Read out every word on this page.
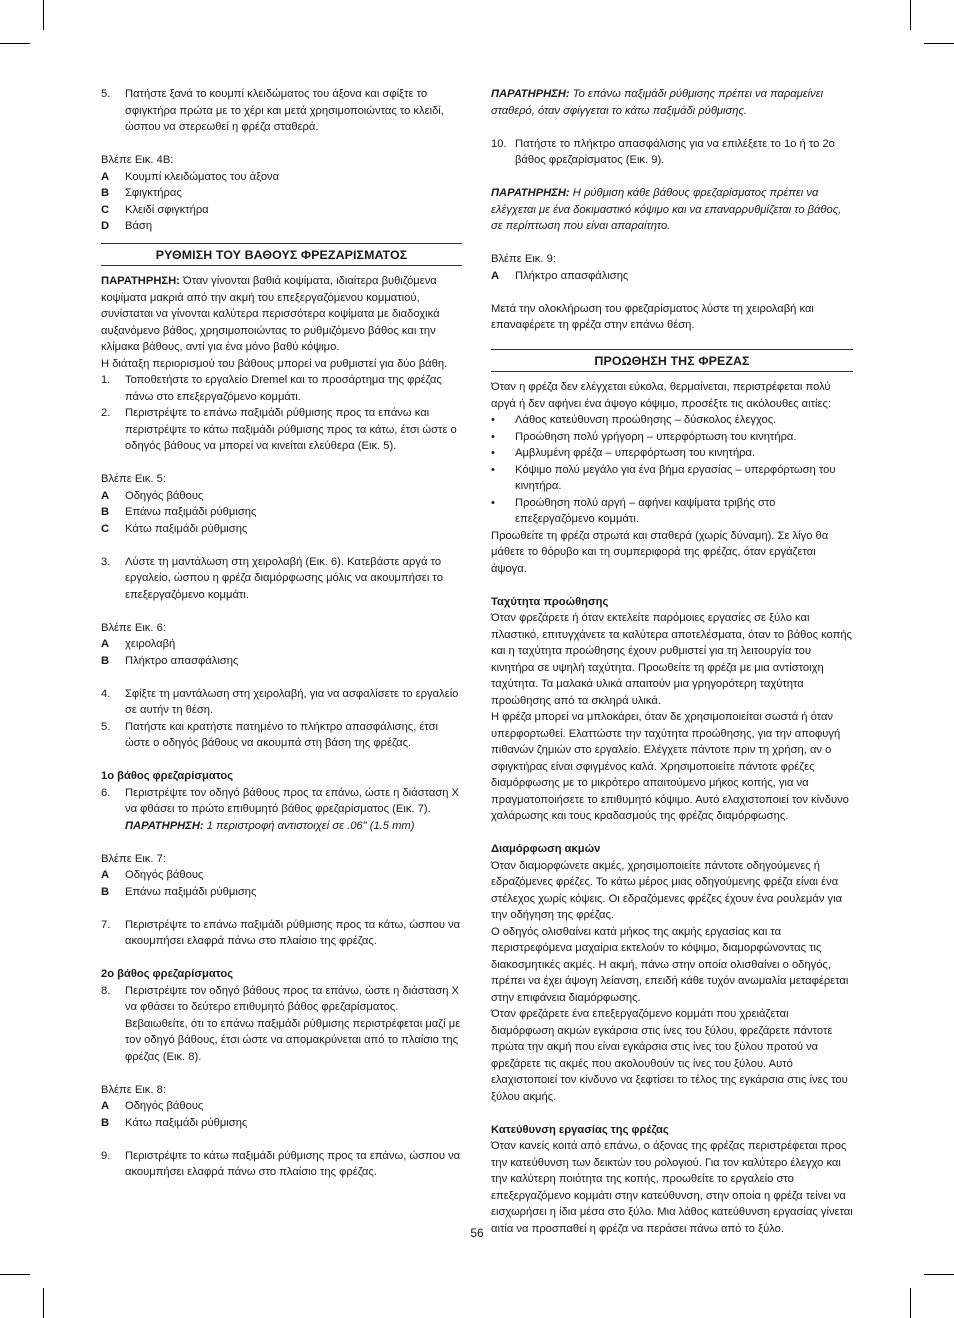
5.	Πατήστε ξανά το κουμπί κλειδώματος του άξονα και σφίξτε το σφιγκτήρα πρώτα με το χέρι και μετά χρησιμοποιώντας το κλειδί, ώσπου να στερεωθεί η φρέζα σταθερά.

Βλέπε Εικ. 4B:

A	Κουμπί κλειδώματος του άξονα
B	Σφιγκτήρας
C	Κλειδί σφιγκτήρα
D	Βάση
ΡΥΘΜΙΣΗ ΤΟΥ ΒΑΘΟΥΣ ΦΡΕΖΑΡΙΣΜΑΤΟΣ

ΠΑΡΑΤΗΡΗΣΗ: Όταν γίνονται βαθιά κοψίματα, ιδιαίτερα βυθιζόμενα κοψίματα μακριά από την ακμή του επεξεργαζόμενου κομματιού, συνίσταται να γίνονται καλύτερα περισσότερα κοψίματα με διαδοχικά αυξανόμενο βάθος, χρησιμοποιώντας το ρυθμιζόμενο βάθος και την κλίμακα βάθους, αντί για ένα μόνο βαθύ κόψιμο.

Η διάταξη περιορισμού του βάθους μπορεί να ρυθμιστεί για δύο βάθη.

1.	Τοποθετήστε το εργαλείο Dremel και το προσάρτημα της φρέζας πάνω στο επεξεργαζόμενο κομμάτι.
2.	Περιστρέψτε το επάνω παξιμάδι ρύθμισης προς τα επάνω και περιστρέψτε το κάτω παξιμάδι ρύθμισης προς τα κάτω, έτσι ώστε ο οδηγός βάθους να μπορεί να κινείται ελεύθερα (Εικ. 5).

Βλέπε Εικ. 5:

A	Οδηγός βάθους
B	Επάνω παξιμάδι ρύθμισης
C	Κάτω παξιμάδι ρύθμισης
3.	Λύστε τη μαντάλωση στη χειρολαβή (Εικ. 6). Κατεβάστε αργά το εργαλείο, ώσπου η φρέζα διαμόρφωσης μόλις να ακουμπήσει το επεξεργαζόμενο κομμάτι.

Βλέπε Εικ. 6:

A	χειρολαβή
B	Πλήκτρο απασφάλισης
4.	Σφίξτε τη μαντάλωση στη χειρολαβή, για να ασφαλίσετε το εργαλείο σε αυτήν τη θέση.
5.	Πατήστε και κρατήστε πατημένο το πλήκτρο απασφάλισης, έτσι ώστε ο οδηγός βάθους να ακουμπά στη βάση της φρέζας.

1ο βάθος φρεζαρίσματος

6.	Περιστρέψτε τον οδηγό βάθους προς τα επάνω, ώστε η διάσταση X να φθάσει το πρώτο επιθυμητό βάθος φρεζαρίσματος (Εικ. 7).
ΠΑΡΑΤΗΡΗΣΗ: 1 περιστροφή αντιστοιχεί σε .06" (1.5 mm)

Βλέπε Εικ. 7:

A	Οδηγός βάθους
B	Επάνω παξιμάδι ρύθμισης
7.	Περιστρέψτε το επάνω παξιμάδι ρύθμισης προς τα κάτω, ώσπου να ακουμπήσει ελαφρά πάνω στο πλαίσιο της φρέζας.

2ο βάθος φρεζαρίσματος

8.	Περιστρέψτε τον οδηγό βάθους προς τα επάνω, ώστε η διάσταση X να φθάσει το δεύτερο επιθυμητό βάθος φρεζαρίσματος. Βεβαιωθείτε, ότι το επάνω παξιμάδι ρύθμισης περιστρέφεται μαζί με τον οδηγό βάθους, έτσι ώστε να απομακρύνεται από το πλαίσιο της φρέζας (Εικ. 8).

Βλέπε Εικ. 8:

A	Οδηγός βάθους
B	Κάτω παξιμάδι ρύθμισης
9.	Περιστρέψτε το κάτω παξιμάδι ρύθμισης προς τα επάνω, ώσπου να ακουμπήσει ελαφρά πάνω στο πλαίσιο της φρέζας.

ΠΑΡΑΤΗΡΗΣΗ: Το επάνω παξιμάδι ρύθμισης πρέπει να παραμείνει σταθερό, όταν σφίγγεται το κάτω παξιμάδι ρύθμισης.

10. Πατήστε το πλήκτρο απασφάλισης για να επιλέξετε το 1ο ή το 2ο βάθος φρεζαρίσματος (Εικ. 9).

ΠΑΡΑΤΗΡΗΣΗ: Η ρύθμιση κάθε βάθους φρεζαρίσματος πρέπει να ελέγχεται με ένα δοκιμαστικό κόψιμο και να επαναρρυθμίζεται το βάθος, σε περίπτωση που είναι απαραίτητο.

Βλέπε Εικ. 9:

A	Πλήκτρο απασφάλισης

Μετά την ολοκλήρωση του φρεζαρίσματος λύστε τη χειρολαβή και επαναφέρετε τη φρέζα στην επάνω θέση.

ΠΡΟΩΘΗΣΗ ΤΗΣ ΦΡΕΖΑΣ

Όταν η φρέζα δεν ελέγχεται εύκολα, θερμαίνεται, περιστρέφεται πολύ αργά ή δεν αφήνει ένα άψογο κόψιμο, προσέξτε τις ακόλουθες αιτίες:

•	Λάθος κατεύθυνση προώθησης – δύσκολος έλεγχος.
•	Προώθηση πολύ γρήγορη – υπερφόρτωση του κινητήρα.
•	Αμβλυμένη φρέζα – υπερφόρτωση του κινητήρα.
•	Κόψιμο πολύ μεγάλο για ένα βήμα εργασίας – υπερφόρτωση του κινητήρα.
•	Προώθηση πολύ αργή – αφήνει καψίματα τριβής στο επεξεργαζόμενο κομμάτι.

Προωθείτε τη φρέζα στρωτά και σταθερά (χωρίς δύναμη). Σε λίγο θα μάθετε το θόρυβο και τη συμπεριφορά της φρέζας, όταν εργάζεται άψογα.

Ταχύτητα προώθησης

Όταν φρεζάρετε ή όταν εκτελείτε παρόμοιες εργασίες σε ξύλο και πλαστικό, επιτυγχάνετε τα καλύτερα αποτελέσματα, όταν το βάθος κοπής και η ταχύτητα προώθησης έχουν ρυθμιστεί για τη λειτουργία του κινητήρα σε υψηλή ταχύτητα. Προωθείτε τη φρέζα με μια αντίστοιχη ταχύτητα. Τα μαλακά υλικά απαιτούν μια γρηγορότερη ταχύτητα προώθησης από τα σκληρά υλικά.

Η φρέζα μπορεί να μπλοκάρει, όταν δε χρησιμοποιείται σωστά ή όταν υπερφορτωθεί. Ελαττώστε την ταχύτητα προώθησης, για την αποφυγή πιθανών ζημιών στο εργαλείο. Ελέγχετε πάντοτε πριν τη χρήση, αν ο σφιγκτήρας είναι σφιγμένος καλά. Χρησιμοποιείτε πάντοτε φρέζες διαμόρφωσης με το μικρότερο απαιτούμενο μήκος κοπής, για να πραγματοποιήσετε το επιθυμητό κόψιμο. Αυτό ελαχιστοποιεί τον κίνδυνο χαλάρωσης και τους κραδασμούς της φρέζας διαμόρφωσης.

Διαμόρφωση ακμών

Όταν διαμορφώνετε ακμές, χρησιμοποιείτε πάντοτε οδηγούμενες ή εδραζόμενες φρέζες. Το κάτω μέρος μιας οδηγούμενης φρέζα είναι ένα στέλεχος χωρίς κόψεις. Οι εδραζόμενες φρέζες έχουν ένα ρουλεμάν για την οδήγηση της φρέζας.

Ο οδηγός ολισθαίνει κατά μήκος της ακμής εργασίας και τα περιστρεφόμενα μαχαίρια εκτελούν το κόψιμο, διαμορφώνοντας τις διακοσμητικές ακμές. Η ακμή, πάνω στην οποία ολισθαίνει ο οδηγός, πρέπει να έχει άψογη λείανση, επειδή κάθε τυχόν ανωμαλία μεταφέρεται στην επιφάνεια διαμόρφωσης.

Όταν φρεζάρετε ένα επεξεργαζόμενο κομμάτι που χρειάζεται διαμόρφωση ακμών εγκάρσια στις ίνες του ξύλου, φρεζάρετε πάντοτε πρώτα την ακμή που είναι εγκάρσια στις ίνες του ξύλου προτού να φρεζάρετε τις ακμές που ακολουθούν τις ίνες του ξύλου. Αυτό ελαχιστοποιεί τον κίνδυνο να ξεφτίσει το τέλος της εγκάρσια στις ίνες του ξύλου ακμής.

Κατεύθυνση εργασίας της φρέζας

Όταν κανείς κοιτά από επάνω, ο άξονας της φρέζας περιστρέφεται προς την κατεύθυνση των δεικτών του ρολογιού. Για τον καλύτερο έλεγχο και την καλύτερη ποιότητα της κοπής, προωθείτε το εργαλείο στο επεξεργαζόμενο κομμάτι στην κατεύθυνση, στην οποία η φρέζα τείνει να εισχωρήσει η ίδια μέσα στο ξύλο. Μια λάθος κατεύθυνση εργασίας γίνεται αιτία να προσπαθεί η φρέζα να περάσει πάνω από το ξύλο.

56
